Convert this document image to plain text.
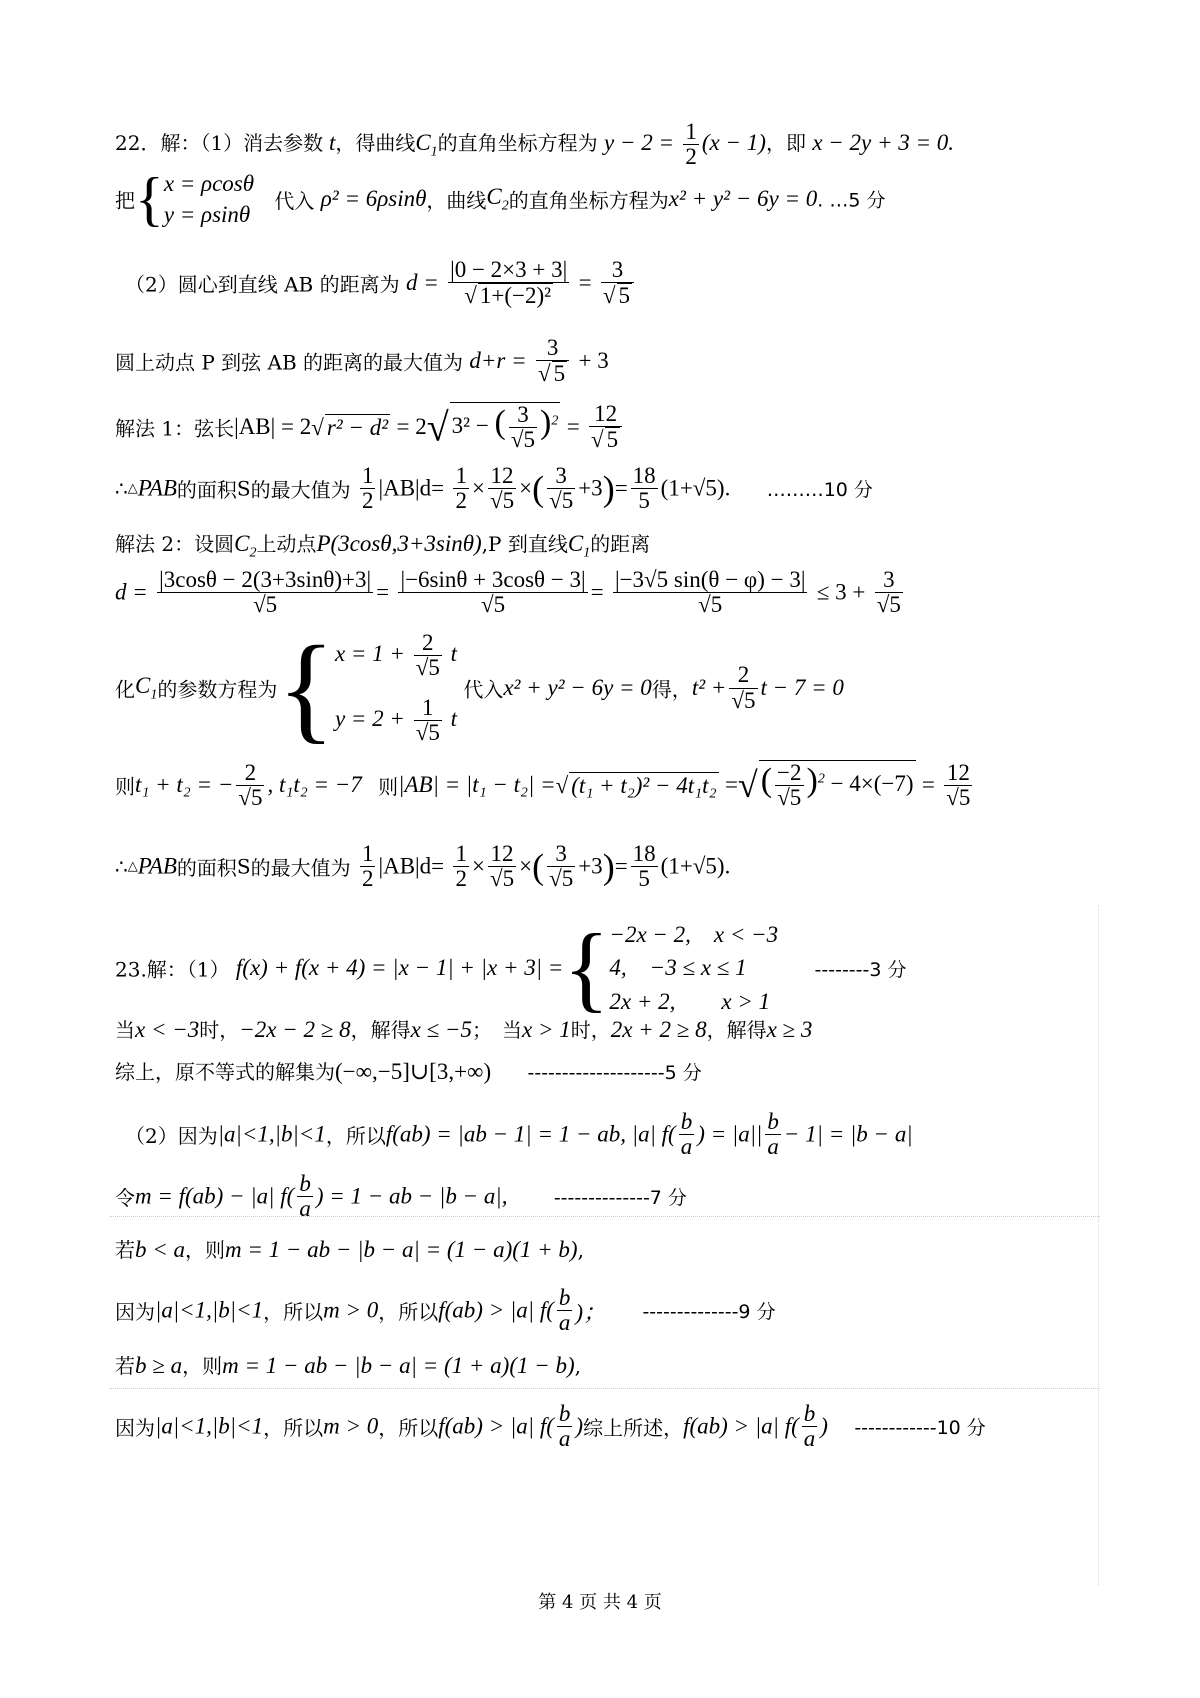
22．解：（1）消去参数 t，得曲线$C_1$的直角坐标方程为 $y - 2 = \frac{1}{2} (x - 1)$，即 x − 2y + 3 = 0.
把{ x = ρcosθ
y = ρsinθ
代入 ρ² = 6ρsinθ，曲线$C_2$的直角坐标方程为x² + y² − 6y = 0. …5 分
（2）圆心到直线 AB 的距离为 $d = \frac{|0 - 2\times 3 + 3|}{\text{√ 1+(−2)²}} = \frac{3}{√ 5}$
圆上动点 P 到弦 AB 的距离的最大值为 $d+r = \frac{3}{√ 5} + 3$
解法 1：弦长|AB| = 2√ r² − d² = 2√ 3² − ( $\frac{3}{√5} )^2 = \frac{12}{√ 5}$
∴△PAB的面积S的最大值为 $\frac{1}{2} |AB|d= \frac{1}{2} \times \frac{12}{√5}$ ×( $\frac{3}{√5} +3)= \frac{18}{5} (1+√5)$. ………10 分
解法 2：设圆$C_2$上动点P(3cosθ,3+3sinθ),P 到直线$C_1$的距离
$d = \frac{|3\cos\theta - 2(3+3\sin\theta)+3|}{√5} = \frac{|-6\sin\theta + 3\cos\theta - 3|}{√5} = \frac{|-3√5 \sin(\theta - \varphi) - 3|}{√5} \le 3 + \frac{3}{√5}$
化$C_1$的参数方程为{ $x = 1 + \frac{2}{√5}$ t
$y = 2 + \frac{1}{√5}$ t
代入x² + y² − 6y = 0得，$t^2 + \frac{2}{√5}$ t − 7 = 0
则t₁ + t₂ = − $\frac{2}{√5}$ , t₁t₂ = −7 则|AB| = |t₁ − t₂| =√ (t₁ + t₂)² − 4t₁t₂ =√( $\frac{-2}{√5} )^2 - 4\times(-7) = \frac{12}{√5}$
∴△PAB的面积S的最大值为 $\frac{1}{2} |AB|d= \frac{1}{2} \times \frac{12}{√5}$ ×( $\frac{3}{√5} +3)= \frac{18}{5} (1+√5)$.
23.解：（1） f(x) + f(x + 4) = |x − 1| + |x + 3| ={ −2x − 2,　x < −3
4,　−3 ≤ x ≤ 1
2x + 2,　　x > 1
--------3 分
当x < −3时，−2x − 2 ≥ 8，解得x ≤ −5；　当x > 1时，2x + 2 ≥ 8，解得x ≥ 3
综上，原不等式的解集为(−∞,−5]∪[3,+∞) --------------------5 分
（2）因为|a|<1,|b|<1，所以f(ab) = |ab − 1| = 1 − ab, |a| $f( \frac{b}{a}$ ) = $|a|| \frac{b}{a} - 1| = |b - a|$
令m = f(ab) − |a| $f( \frac{b}{a}$ ) = 1 − ab − |b − a|, --------------7 分
若b < a，则m = 1 − ab − |b − a| = (1 − a)(1 + b),
因为|a|<1,|b|<1，所以m > 0，所以f(ab) > |a| $f( \frac{b}{a}$ )； --------------9 分
若b ≥ a，则m = 1 − ab − |b − a| = (1 + a)(1 − b),
因为|a|<1,|b|<1，所以m > 0，所以f(ab) > |a| $f( \frac{b}{a}$ )综上所述，f(ab) > |a| $f( \frac{b}{a}$ ) ------------10 分
第 4 页 共 4 页
